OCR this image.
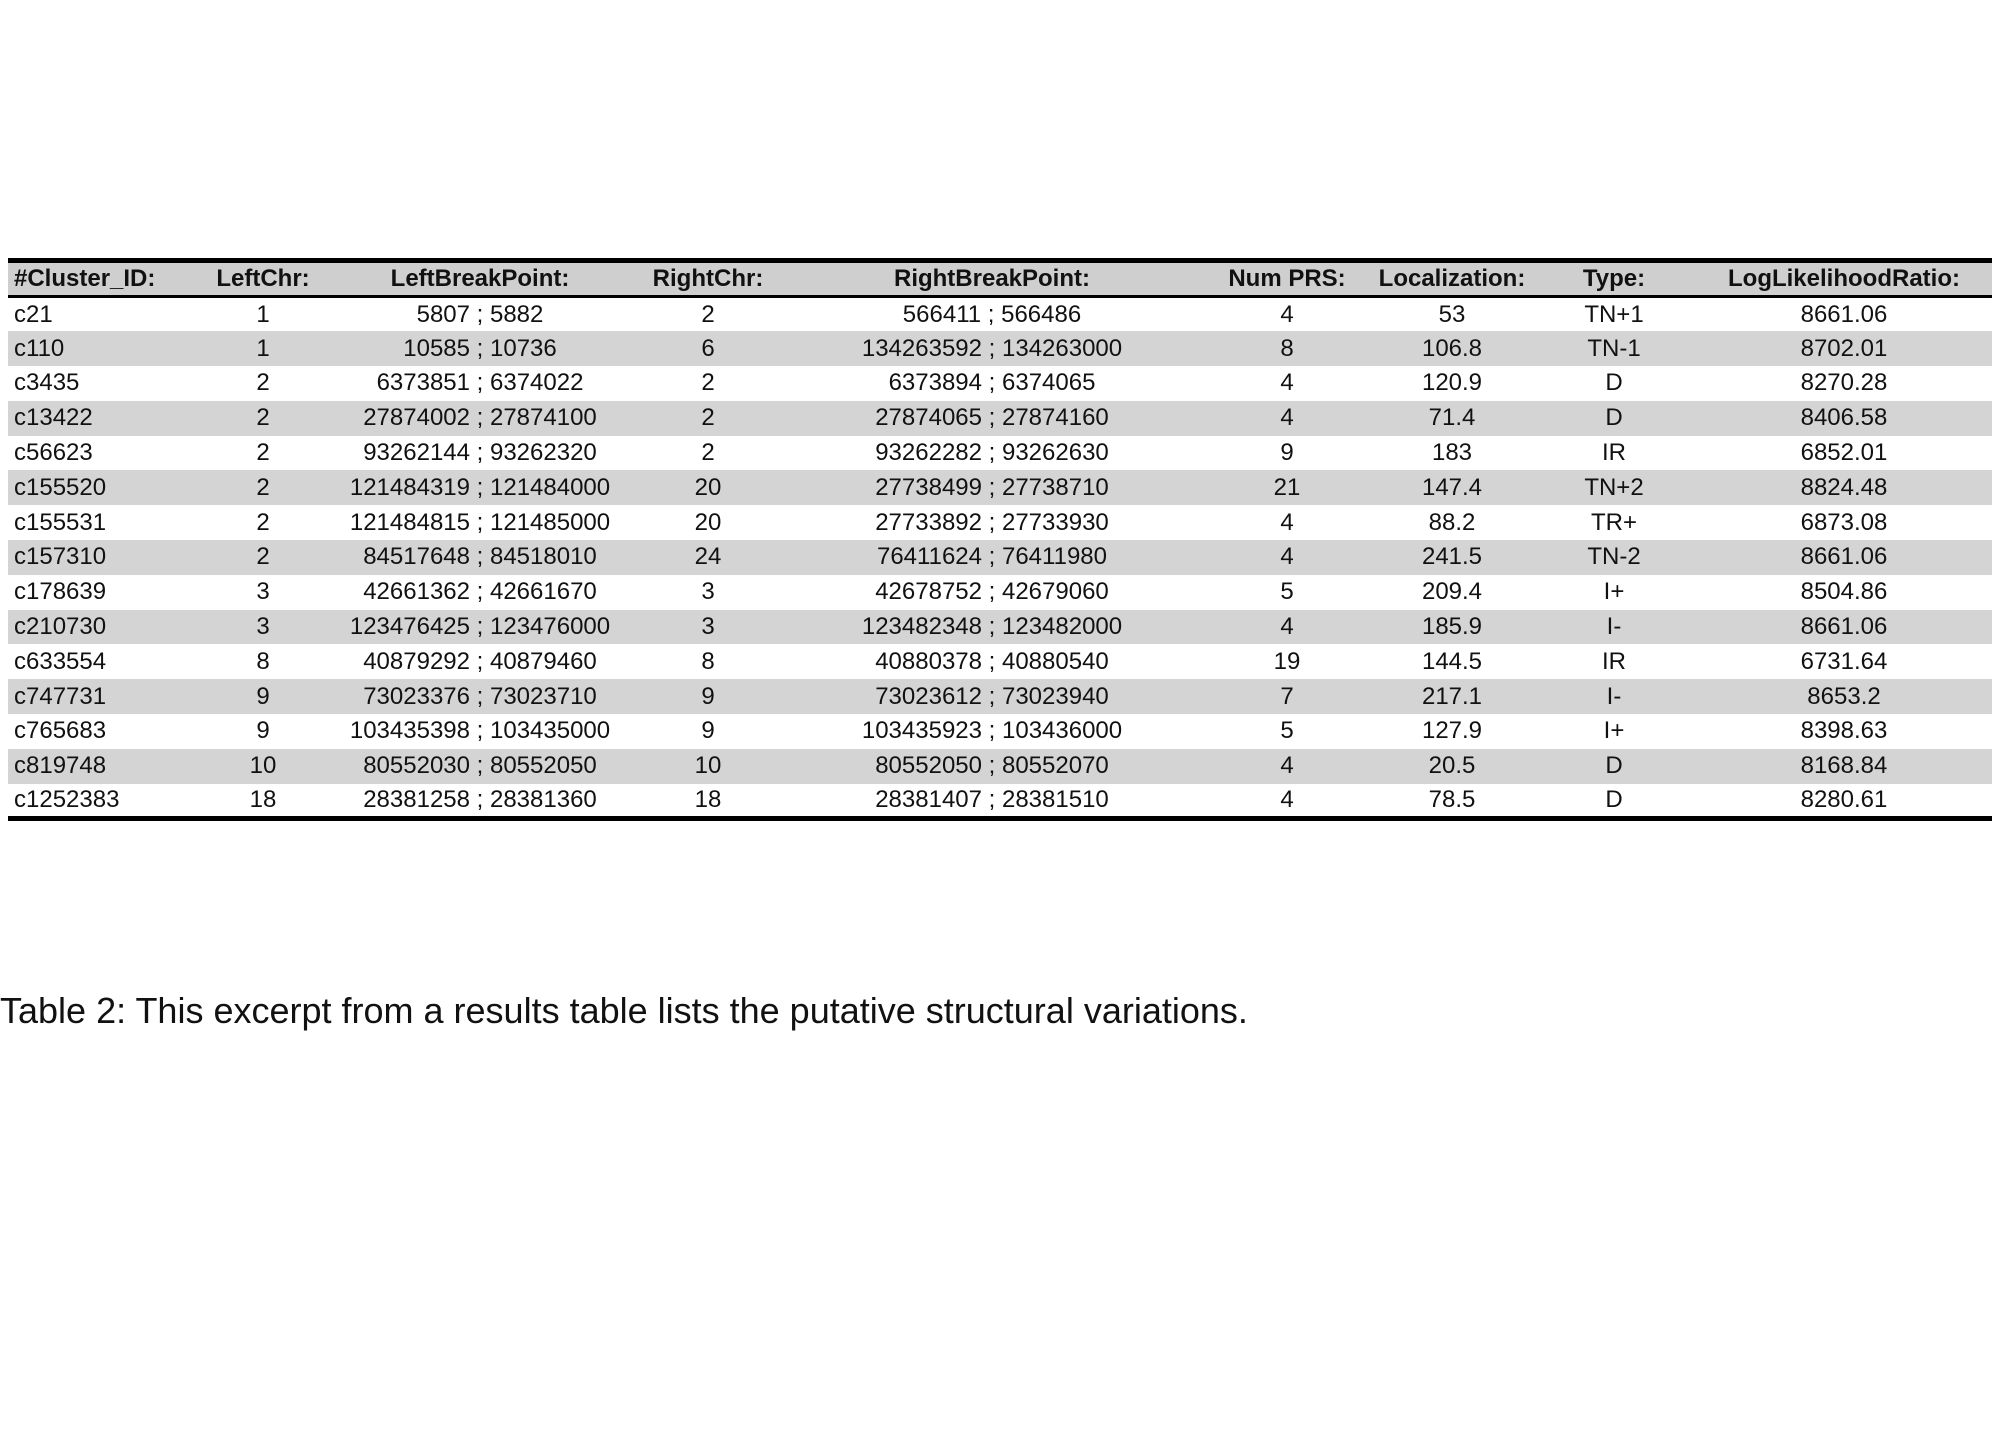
#Cluster_ID:	LeftChr:	LeftBreakPoint:	RightChr:	RightBreakPoint:	Num PRS:	Localization:	Type:	LogLikelihoodRatio:
c21	1	5807 ; 5882	2	566411 ; 566486	4	53	TN+1	8661.06
c110	1	10585 ; 10736	6	134263592 ; 134263000	8	106.8	TN-1	8702.01
c3435	2	6373851 ; 6374022	2	6373894 ; 6374065	4	120.9	D	8270.28
c13422	2	27874002 ; 27874100	2	27874065 ; 27874160	4	71.4	D	8406.58
c56623	2	93262144 ; 93262320	2	93262282 ; 93262630	9	183	IR	6852.01
c155520	2	121484319 ; 121484000	20	27738499 ; 27738710	21	147.4	TN+2	8824.48
c155531	2	121484815 ; 121485000	20	27733892 ; 27733930	4	88.2	TR+	6873.08
c157310	2	84517648 ; 84518010	24	76411624 ; 76411980	4	241.5	TN-2	8661.06
c178639	3	42661362 ; 42661670	3	42678752 ; 42679060	5	209.4	I+	8504.86
c210730	3	123476425 ; 123476000	3	123482348 ; 123482000	4	185.9	I-	8661.06
c633554	8	40879292 ; 40879460	8	40880378 ; 40880540	19	144.5	IR	6731.64
c747731	9	73023376 ; 73023710	9	73023612 ; 73023940	7	217.1	I-	8653.2
c765683	9	103435398 ; 103435000	9	103435923 ; 103436000	5	127.9	I+	8398.63
c819748	10	80552030 ; 80552050	10	80552050 ; 80552070	4	20.5	D	8168.84
c1252383	18	28381258 ; 28381360	18	28381407 ; 28381510	4	78.5	D	8280.61
Table 2: This excerpt from a results table lists the putative structural variations.
